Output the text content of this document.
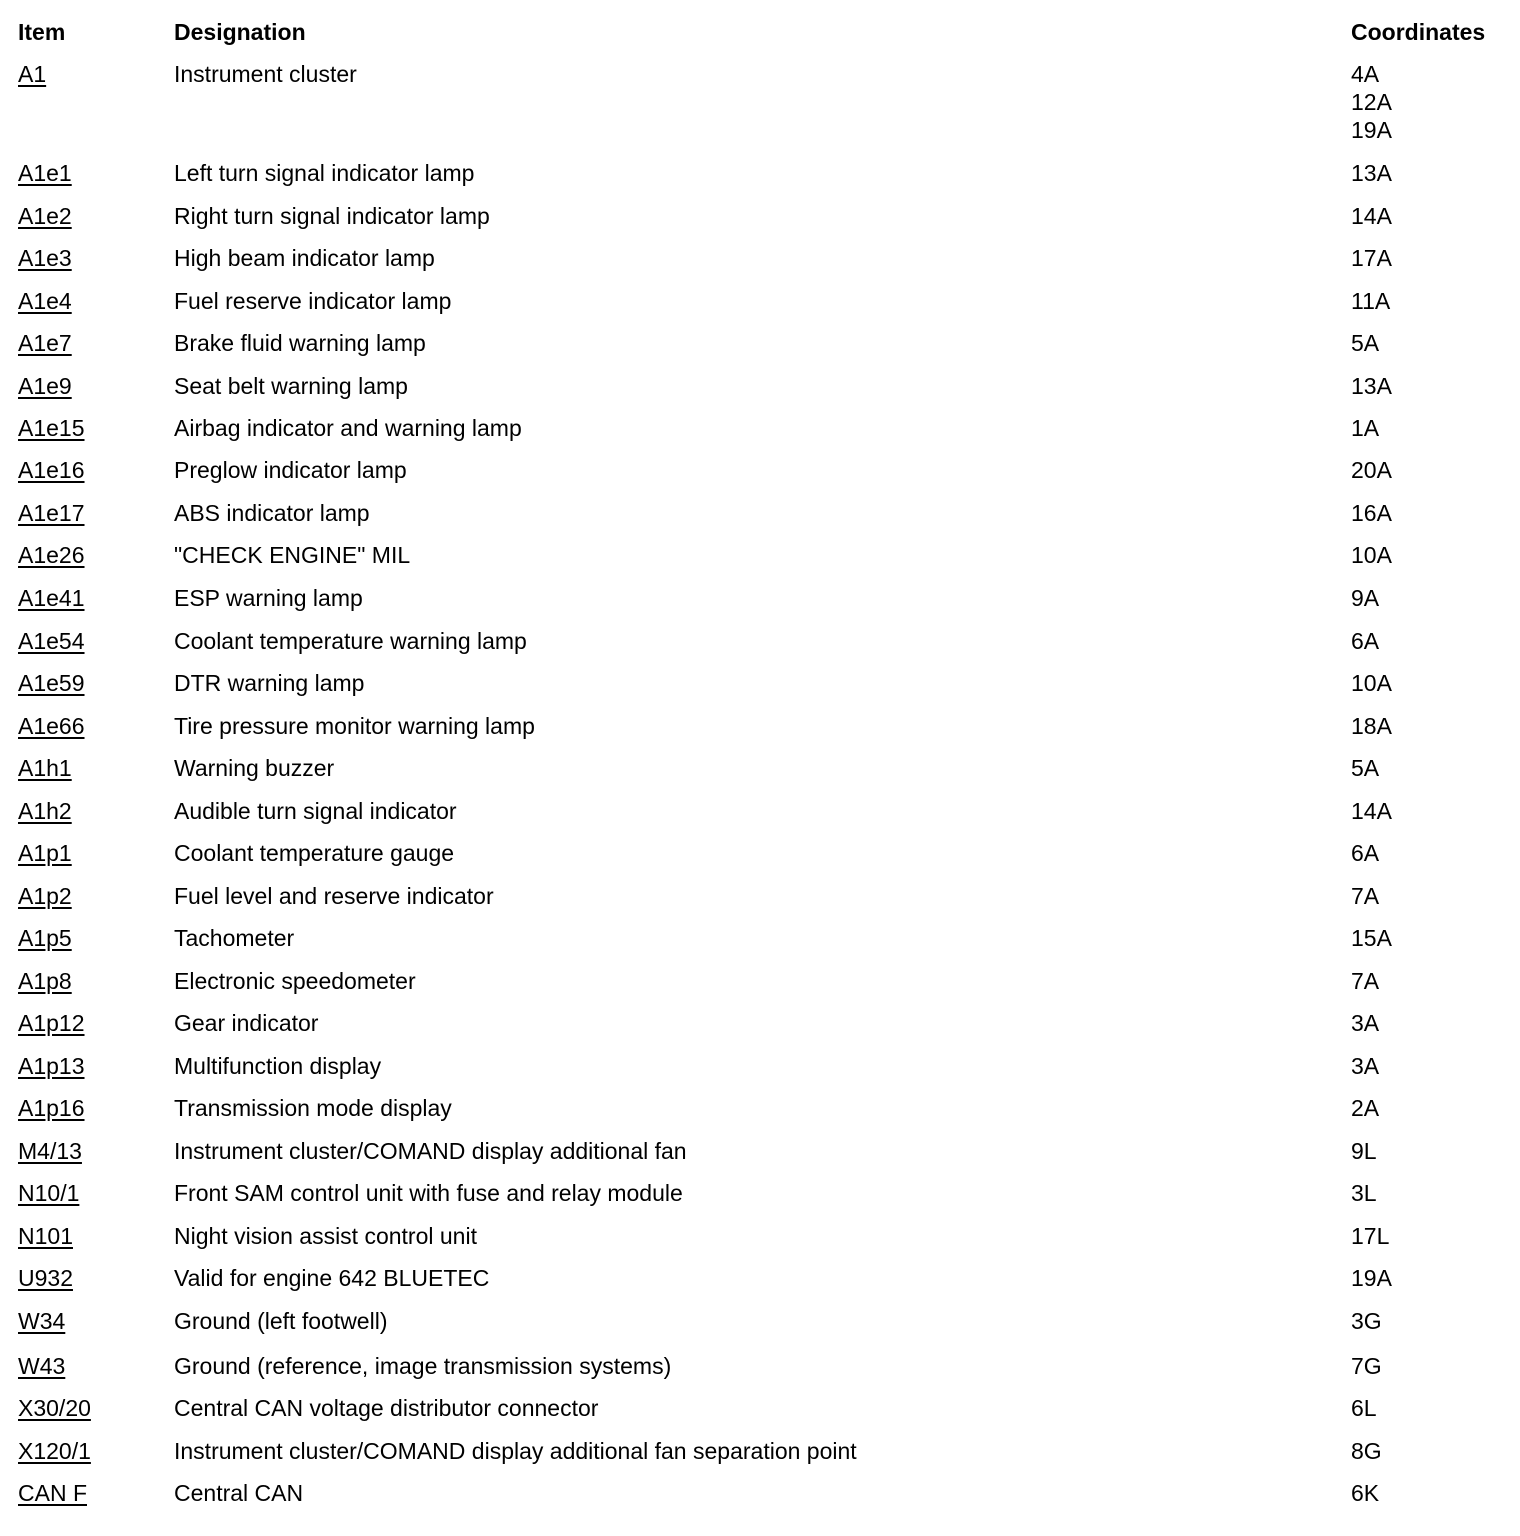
Item	Designation	Coordinates
A1	Instrument cluster	4A
12A
19A
A1e1	Left turn signal indicator lamp	13A
A1e2	Right turn signal indicator lamp	14A
A1e3	High beam indicator lamp	17A
A1e4	Fuel reserve indicator lamp	11A
A1e7	Brake fluid warning lamp	5A
A1e9	Seat belt warning lamp	13A
A1e15	Airbag indicator and warning lamp	1A
A1e16	Preglow indicator lamp	20A
A1e17	ABS indicator lamp	16A
A1e26	"CHECK ENGINE" MIL	10A
A1e41	ESP warning lamp	9A
A1e54	Coolant temperature warning lamp	6A
A1e59	DTR warning lamp	10A
A1e66	Tire pressure monitor warning lamp	18A
A1h1	Warning buzzer	5A
A1h2	Audible turn signal indicator	14A
A1p1	Coolant temperature gauge	6A
A1p2	Fuel level and reserve indicator	7A
A1p5	Tachometer	15A
A1p8	Electronic speedometer	7A
A1p12	Gear indicator	3A
A1p13	Multifunction display	3A
A1p16	Transmission mode display	2A
M4/13	Instrument cluster/COMAND display additional fan	9L
N10/1	Front SAM control unit with fuse and relay module	3L
N101	Night vision assist control unit	17L
U932	Valid for engine 642 BLUETEC	19A
W34	Ground (left footwell)	3G
W43	Ground (reference, image transmission systems)	7G
X30/20	Central CAN voltage distributor connector	6L
X120/1	Instrument cluster/COMAND display additional fan separation point	8G
CAN F	Central CAN	6K
